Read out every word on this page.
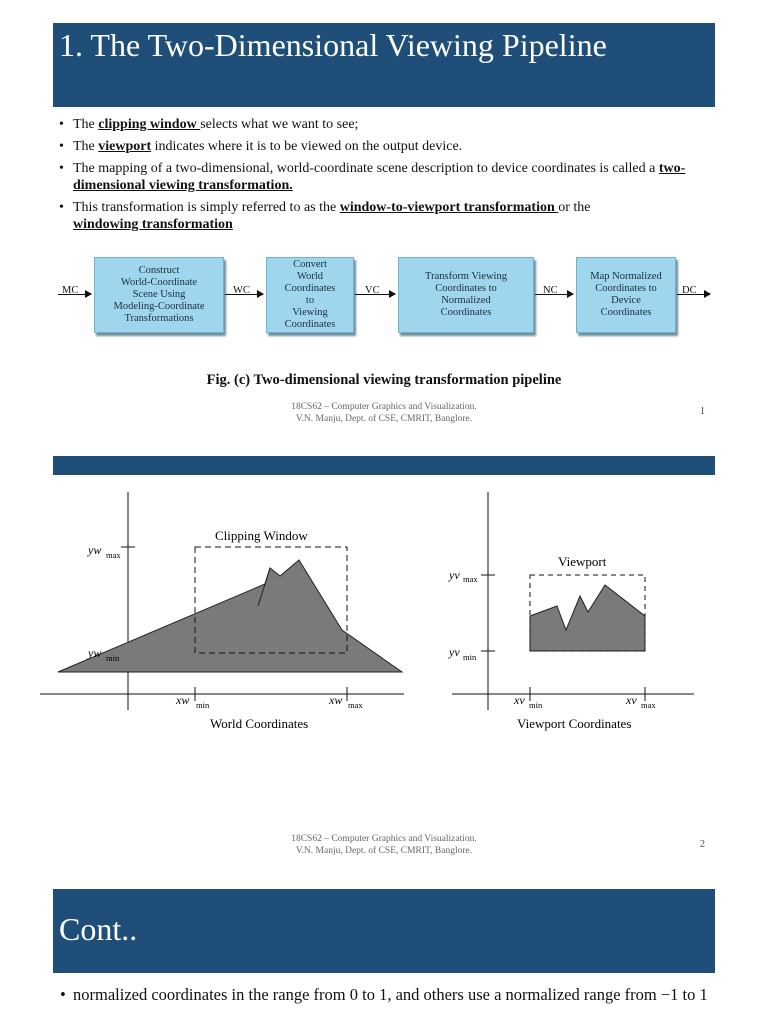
1. The Two-Dimensional Viewing Pipeline
• The clipping window selects what we want to see;
• The viewport indicates where it is to be viewed on the output device.
• The mapping of a two-dimensional, world-coordinate scene description to device coordinates is called a two-dimensional viewing transformation.
• This transformation is simply referred to as the window-to-viewport transformation or the
windowing transformation
MC
Construct
World-Coordinate
Scene Using
Modeling-Coordinate
Transformations
WC
Convert
World
Coordinates
to
Viewing
Coordinates
VC
Transform Viewing
Coordinates to
Normalized
Coordinates
NC
Map Normalized
Coordinates to
Device
Coordinates
DC
Fig. (c) Two-dimensional viewing transformation pipeline
18CS62 – Computer Graphics and Visualization.
V.N. Manju, Dept. of CSE, CMRIT, Banglore.
1
Clipping Window
yw max
yw min
xw min	xw max
World Coordinates
Viewport
yv max
yv min
xv min	xv max
Viewport Coordinates
18CS62 – Computer Graphics and Visualization.
V.N. Manju, Dept. of CSE, CMRIT, Banglore.
2
Cont..
• normalized coordinates in the range from 0 to 1, and others use a normalized range from −1 to 1
